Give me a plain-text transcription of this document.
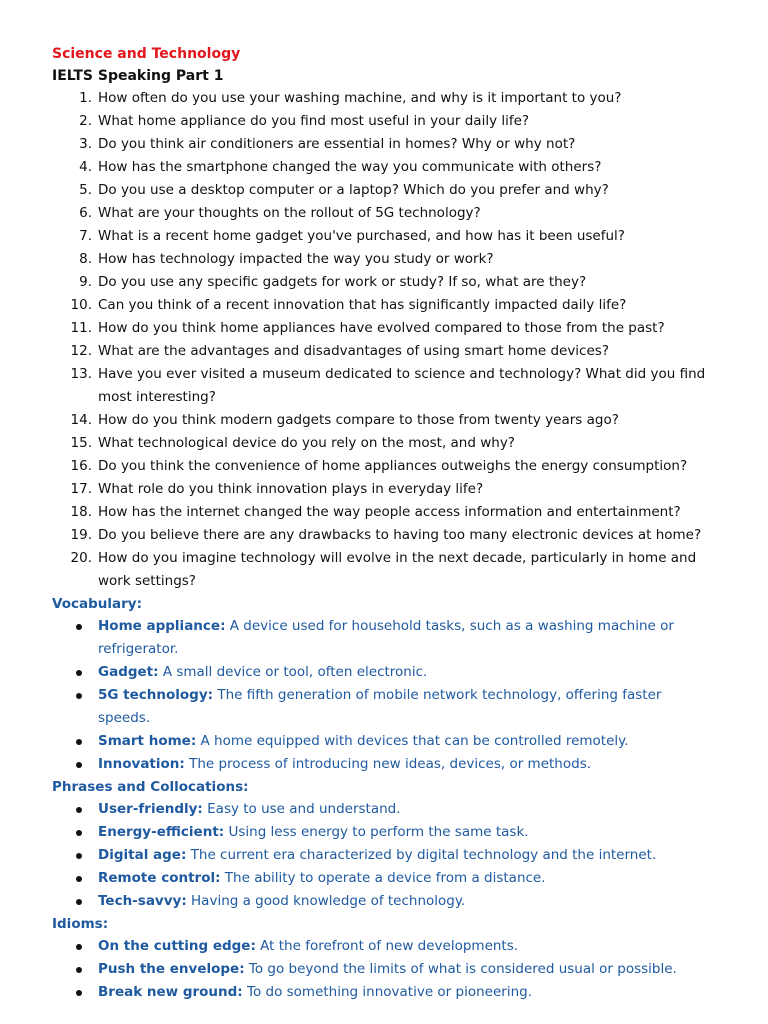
Science and Technology
IELTS Speaking Part 1
1. How often do you use your washing machine, and why is it important to you?
2. What home appliance do you find most useful in your daily life?
3. Do you think air conditioners are essential in homes? Why or why not?
4. How has the smartphone changed the way you communicate with others?
5. Do you use a desktop computer or a laptop? Which do you prefer and why?
6. What are your thoughts on the rollout of 5G technology?
7. What is a recent home gadget you've purchased, and how has it been useful?
8. How has technology impacted the way you study or work?
9. Do you use any specific gadgets for work or study? If so, what are they?
10. Can you think of a recent innovation that has significantly impacted daily life?
11. How do you think home appliances have evolved compared to those from the past?
12. What are the advantages and disadvantages of using smart home devices?
13. Have you ever visited a museum dedicated to science and technology? What did you find most interesting?
14. How do you think modern gadgets compare to those from twenty years ago?
15. What technological device do you rely on the most, and why?
16. Do you think the convenience of home appliances outweighs the energy consumption?
17. What role do you think innovation plays in everyday life?
18. How has the internet changed the way people access information and entertainment?
19. Do you believe there are any drawbacks to having too many electronic devices at home?
20. How do you imagine technology will evolve in the next decade, particularly in home and work settings?
Vocabulary:
Home appliance: A device used for household tasks, such as a washing machine or refrigerator.
Gadget: A small device or tool, often electronic.
5G technology: The fifth generation of mobile network technology, offering faster speeds.
Smart home: A home equipped with devices that can be controlled remotely.
Innovation: The process of introducing new ideas, devices, or methods.
Phrases and Collocations:
User-friendly: Easy to use and understand.
Energy-efficient: Using less energy to perform the same task.
Digital age: The current era characterized by digital technology and the internet.
Remote control: The ability to operate a device from a distance.
Tech-savvy: Having a good knowledge of technology.
Idioms:
On the cutting edge: At the forefront of new developments.
Push the envelope: To go beyond the limits of what is considered usual or possible.
Break new ground: To do something innovative or pioneering.
